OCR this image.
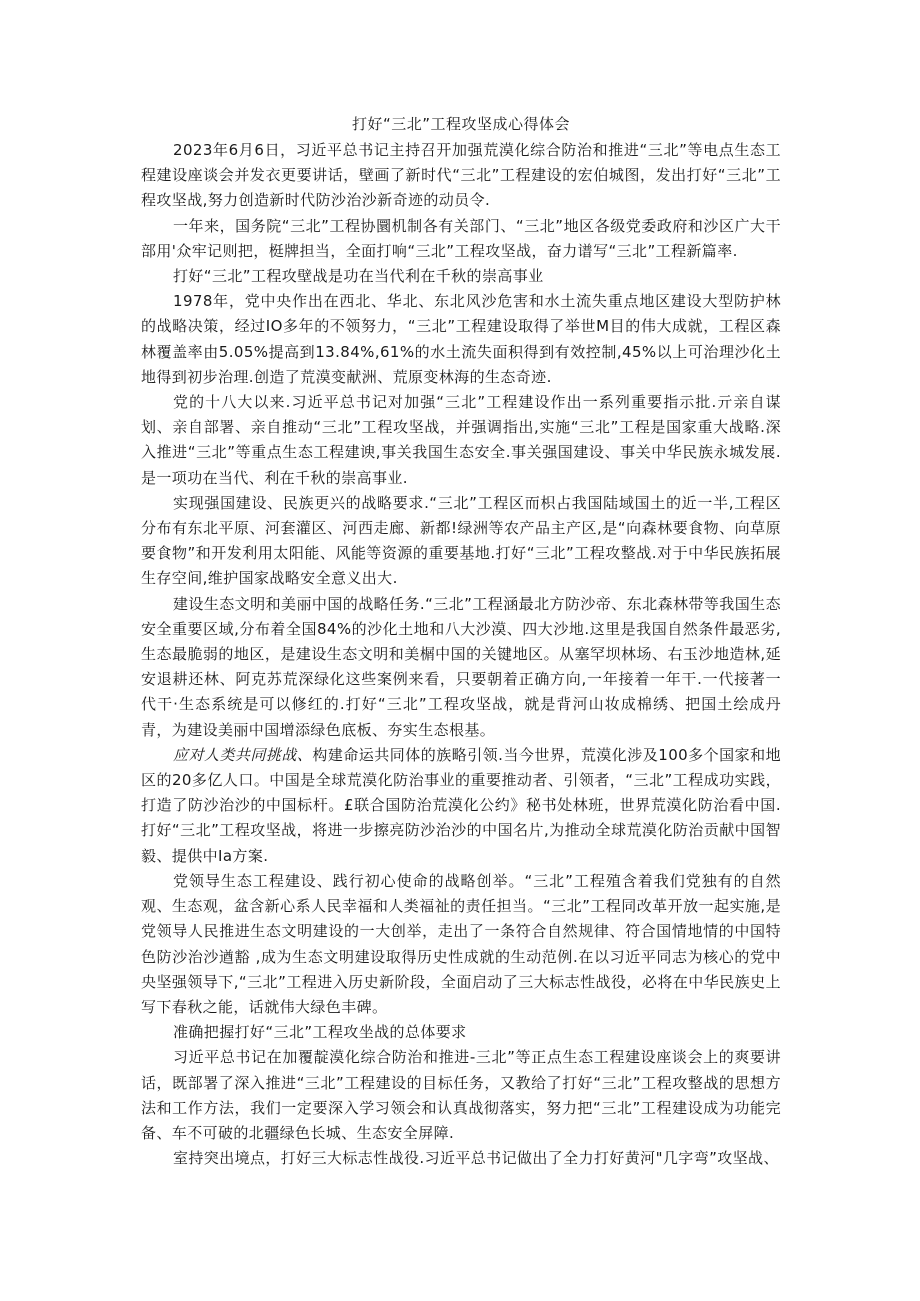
打好“三北”工程攻坚成心得体会

2023年6月6日，习近平总书记主持召开加强荒漠化综合防治和推进“三北”等电点生态工程建设座谈会并发衣更要讲话，壁画了新时代“三北”工程建设的宏伯城图，发出打好“三北”工程攻坚战,努力创造新时代防沙治沙新奇迹的动员令.

一年来，国务院“三北”工程协圜机制各有关部门、“三北”地区各级党委政府和沙区广大干部用'众牢记则把，梃牌担当，全面打响“三北”工程攻坚战，奋力谱写“三北”工程新篇率.

打好“三北”工程攻壁战是功在当代利在千秋的崇高事业

1978年，党中央作出在西北、华北、东北风沙危害和水土流失重点地区建设大型防护林的战略决策，经过IO多年的不领努力，“三北”工程建设取得了举世M目的伟大成就，工程区森林覆盖率由5.05%提高到13.84%,61%的水土流失面积得到有效控制,45%以上可治理沙化土地得到初步治理.创造了荒漠变献洲、荒原变林海的生态奇迹.

党的十八大以来.习近平总书记对加强“三北”工程建设作出一系列重要指示批.亓亲自谋划、亲自部署、亲自推动“三北”工程攻坚战，并强调指出,实施“三北”工程是国家重大战略.深入推进“三北”等重点生态工程建谀,事关我国生态安全.事关强国建设、事关中华民族永城发展.是一项功在当代、利在千秋的崇高事业.

实现强国建设、民族更兴的战略要求.“三北”工程区而枳占我国陆域国土的近一半,工程区分布有东北平原、河套灌区、河西走廊、新都!绿洲等农产品主产区,是“向森林要食物、向草原要食物”和开发利用太阳能、风能等资源的重要基地.打好“三北”工程攻整战.对于中华民族拓展生存空间,维护国家战略安全意义出大.

建设生态文明和美丽中国的战略任务.“三北”工程涵最北方防沙帝、东北森林带等我国生态安全重要区域,分布着全国84%的沙化土地和八大沙漠、四大沙地.这里是我国自然条件最恶劣,生态最脆弱的地区，是建设生态文明和美榍中国的关键地区。从塞罕坝林场、右玉沙地造林,延安退耕还林、阿克苏荒深绿化这些案例来看，只要朝着正确方向,一年接着一年干.一代接著一代干·生态系统是可以修红的.打好“三北”工程攻坚战，就是背河山妆成棉绣、把国土绘成丹青，为建设美丽中国增添绿色底板、夯实生态根基。

应对人类共同挑战、构建命运共同体的族略引领.当今世界，荒漠化涉及100多个国家和地区的20多亿人口。中国是全球荒漠化防治事业的重要推动者、引领者，“三北”工程成功实践，打造了防沙治沙的中国标杆。£联合国防治荒漠化公约》秘书处林班，世界荒漠化防治看中国.打好“三北”工程攻坚战，将进一步擦亮防沙治沙的中国名片,为推动全球荒漠化防治贡献中国智毅、提供中Ia方案.

党领导生态工程建设、践行初心使命的战略创举。“三北”工程殖含着我们党独有的自然观、生态观，盆含新心系人民幸福和人类福祉的责任担当。“三北”工程同改革开放一起实施,是党领导人民推进生态文明建设的一大创举，走出了一条符合自然规律、符合国情地情的中国特色防沙治沙遒豁 ,成为生态文明建设取得历史性成就的生动范例.在以习近平同志为核心的党中央坚强领导下,“三北”工程进入历史新阶段，全面启动了三大标志性战役，必将在中华民族史上写下春秋之能，话就伟大绿色丰碑。

准确把握打好“三北”工程攻坐战的总体要求

习近平总书记在加覆靛漠化综合防治和推进-三北”等正点生态工程建设座谈会上的爽要讲话，既部署了深入推进“三北”工程建设的目标任务，又教给了打好“三北”工程攻整战的思想方法和工作方法，我们一定要深入学习领会和认真战彻落实，努力把“三北”工程建设成为功能完备、车不可破的北疆绿色长城、生态安全屏障.

室持突出境点，打好三大标志性战役.习近平总书记做出了全力打好黄河"几字弯”攻坚战、
